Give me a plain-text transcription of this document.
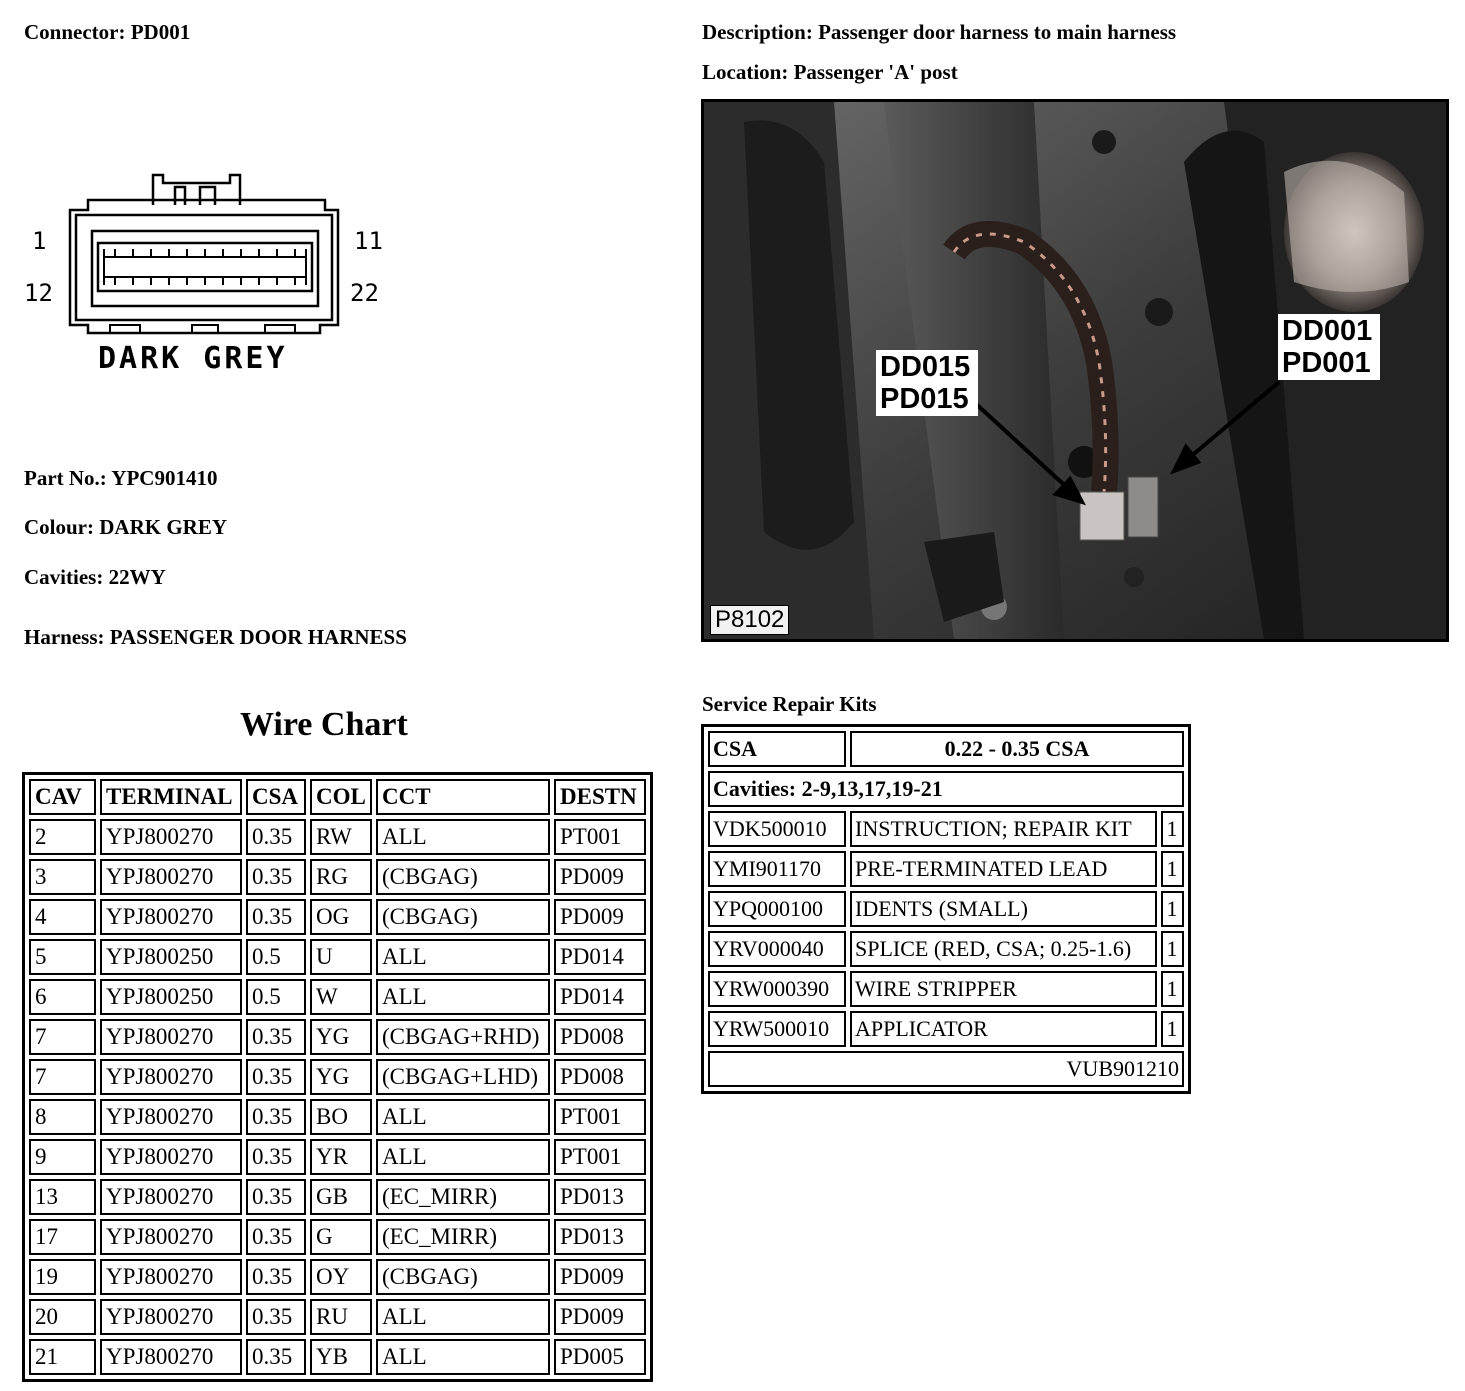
Connector: PD001	Description: Passenger door harness to main harness
Location: Passenger 'A' post
1	11
12	22
DARK GREY
Part No.: YPC901410
Colour: DARK GREY
Cavities: 22WY
Harness: PASSENGER DOOR HARNESS
DD015
PD015
DD001
PD001
P8102
Wire Chart
CAV	TERMINAL	CSA	COL	CCT	DESTN
2	YPJ800270	0.35	RW	ALL	PT001
3	YPJ800270	0.35	RG	(CBGAG)	PD009
4	YPJ800270	0.35	OG	(CBGAG)	PD009
5	YPJ800250	0.5	U	ALL	PD014
6	YPJ800250	0.5	W	ALL	PD014
7	YPJ800270	0.35	YG	(CBGAG+RHD)	PD008
7	YPJ800270	0.35	YG	(CBGAG+LHD)	PD008
8	YPJ800270	0.35	BO	ALL	PT001
9	YPJ800270	0.35	YR	ALL	PT001
13	YPJ800270	0.35	GB	(EC_MIRR)	PD013
17	YPJ800270	0.35	G	(EC_MIRR)	PD013
19	YPJ800270	0.35	OY	(CBGAG)	PD009
20	YPJ800270	0.35	RU	ALL	PD009
21	YPJ800270	0.35	YB	ALL	PD005
Service Repair Kits
CSA	0.22 - 0.35 CSA	
Cavities: 2-9,13,17,19-21		
VDK500010	INSTRUCTION; REPAIR KIT	1
YMI901170	PRE-TERMINATED LEAD	1
YPQ000100	IDENTS (SMALL)	1
YRV000040	SPLICE (RED, CSA; 0.25-1.6)	1
YRW000390	WIRE STRIPPER	1
YRW500010	APPLICATOR	1
VUB901210		
